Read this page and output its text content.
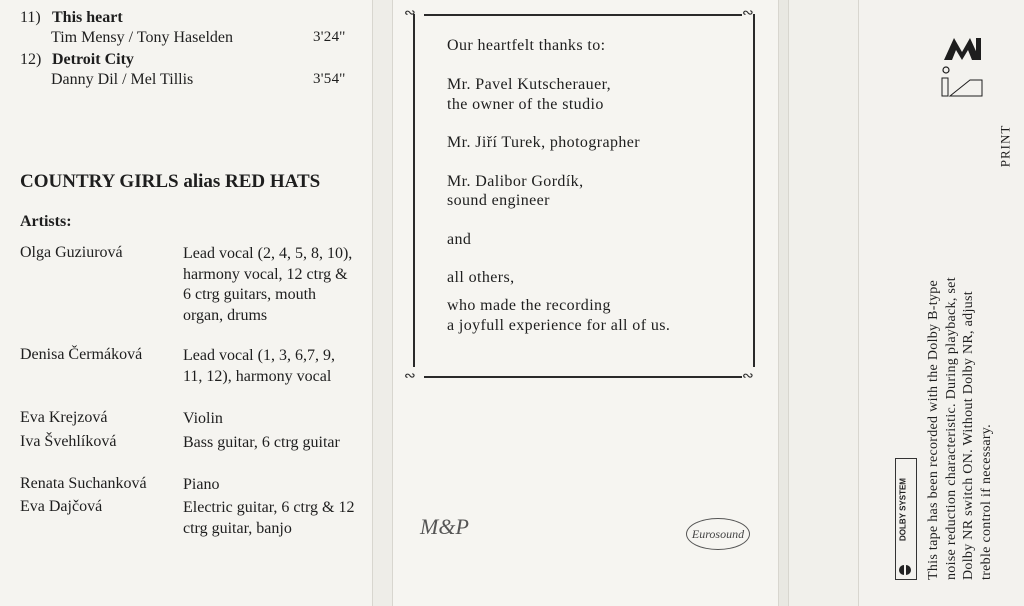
11) This heart
Tim Mensy / Tony Haselden	3'24''
12) Detroit City
Danny Dil / Mel Tillis	3'54''
COUNTRY GIRLS alias RED HATS
Artists:
Olga Guziurová	Lead vocal (2, 4, 5, 8, 10), harmony vocal, 12 ctrg & 6 ctrg guitars, mouth organ, drums
Denisa Čermáková	Lead vocal (1, 3, 6,7, 9, 11, 12), harmony vocal
Eva Krejzová	Violin
Iva Švehlíková	Bass guitar, 6 ctrg guitar
Renata Suchanková Piano
Eva Dajčová	Electric guitar, 6 ctrg & 12 ctrg guitar, banjo
∾	∾
∾	∾
Our heartfelt thanks to:
Mr. Pavel Kutscherauer,
the owner of the studio
Mr. Jiří Turek, photographer
Mr. Dalibor Gordík,
sound engineer
and
all others,
who made the recording
a joyfull experience for all of us.
M&P	Eurosound
PRINT
DOLBY SYSTEM This tape has been recorded with the Dolby B-type noise reduction characteristic. During playback, set Dolby NR switch ON. Without Dolby NR, adjust treble control if necessary.
